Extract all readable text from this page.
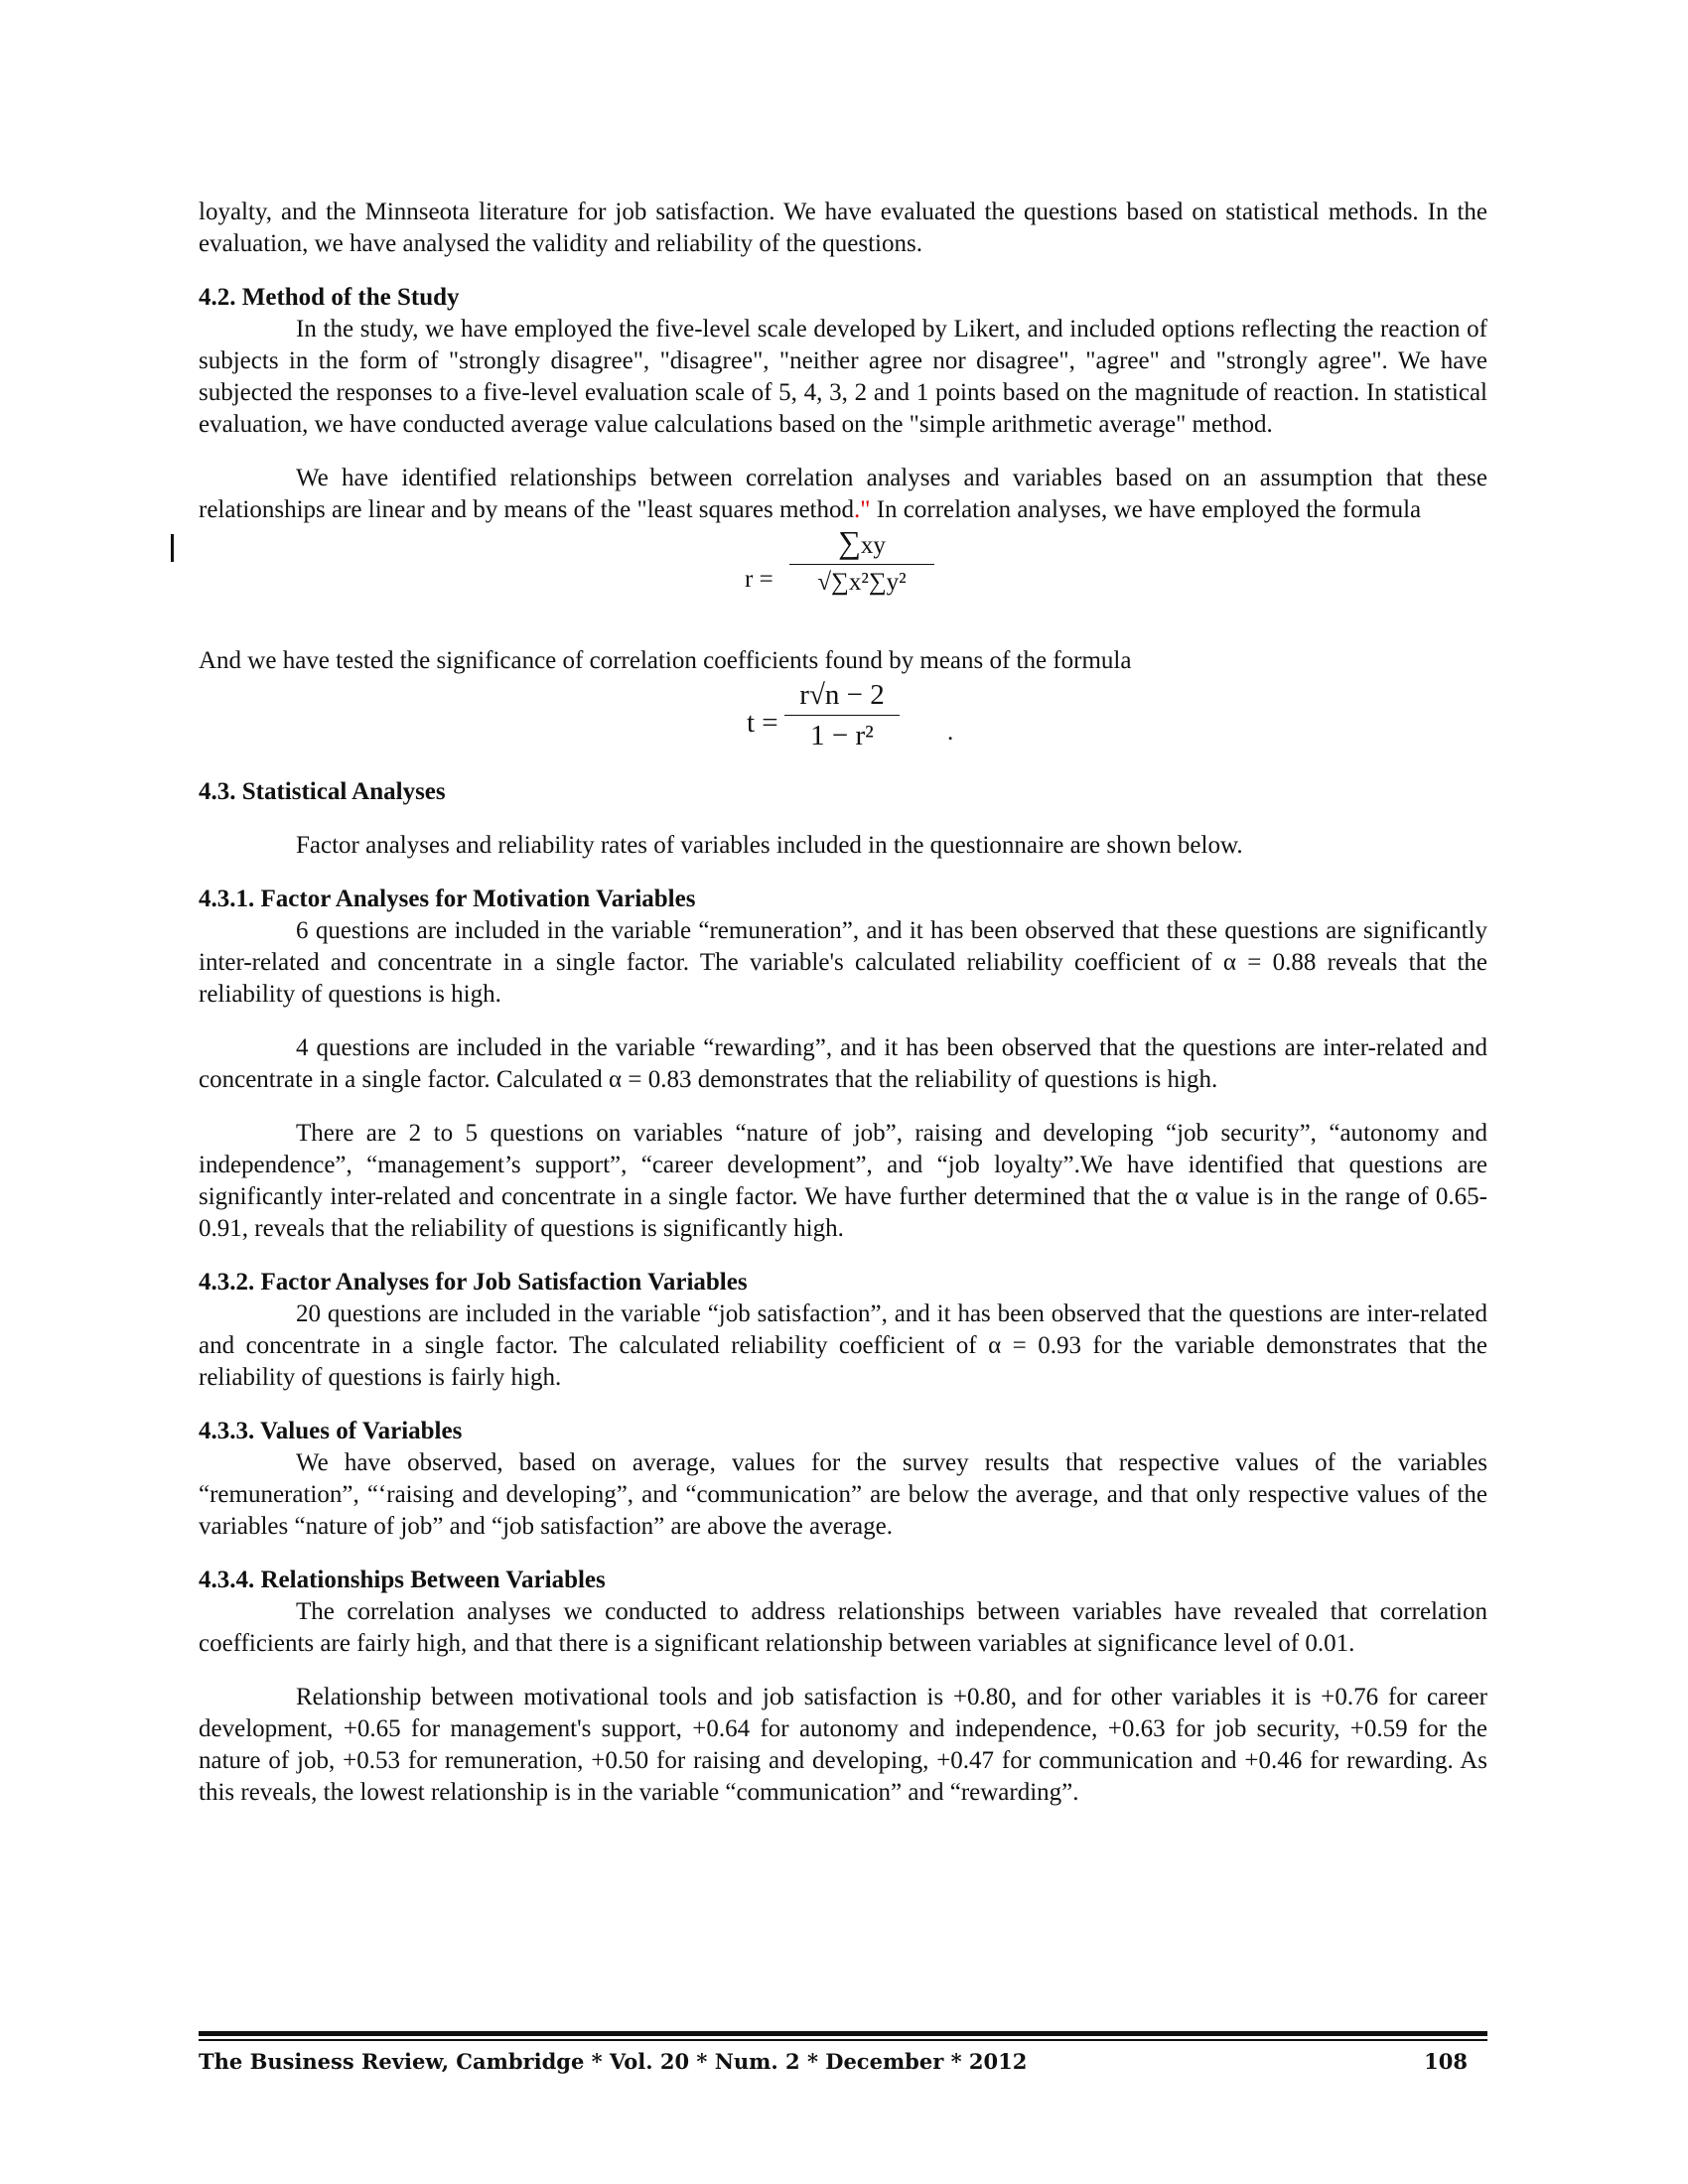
loyalty, and the Minnseota literature for job satisfaction. We have evaluated the questions based on statistical methods. In the evaluation, we have analysed the validity and reliability of the questions.

4.2. Method of the Study

In the study, we have employed the five-level scale developed by Likert, and included options reflecting the reaction of subjects in the form of "strongly disagree", "disagree", "neither agree nor disagree", "agree" and "strongly agree". We have subjected the responses to a five-level evaluation scale of 5, 4, 3, 2 and 1 points based on the magnitude of reaction. In statistical evaluation, we have conducted average value calculations based on the "simple arithmetic average" method.

We have identified relationships between correlation analyses and variables based on an assumption that these relationships are linear and by means of the "least squares method." In correlation analyses, we have employed the formula

r =
∑xy
√∑x²∑y²

And we have tested the significance of correlation coefficients found by means of the formula

t =
r√n − 2
1 − r²	.
4.3. Statistical Analyses

Factor analyses and reliability rates of variables included in the questionnaire are shown below.

4.3.1. Factor Analyses for Motivation Variables

6 questions are included in the variable “remuneration”, and it has been observed that these questions are significantly inter-related and concentrate in a single factor. The variable's calculated reliability coefficient of α = 0.88 reveals that the reliability of questions is high.

4 questions are included in the variable “rewarding”, and it has been observed that the questions are inter-related and concentrate in a single factor. Calculated α = 0.83 demonstrates that the reliability of questions is high.

There are 2 to 5 questions on variables “nature of job”, raising and developing “job security”, “autonomy and independence”, “management’s support”, “career development”, and “job loyalty”.We have identified that questions are significantly inter-related and concentrate in a single factor. We have further determined that the α value is in the range of 0.65-0.91, reveals that the reliability of questions is significantly high.

4.3.2. Factor Analyses for Job Satisfaction Variables

20 questions are included in the variable “job satisfaction”, and it has been observed that the questions are inter-related and concentrate in a single factor. The calculated reliability coefficient of α = 0.93 for the variable demonstrates that the reliability of questions is fairly high.

4.3.3. Values of Variables

We have observed, based on average, values for the survey results that respective values of the variables “remuneration”, “‘raising and developing”, and “communication” are below the average, and that only respective values of the variables “nature of job” and “job satisfaction” are above the average.

4.3.4. Relationships Between Variables

The correlation analyses we conducted to address relationships between variables have revealed that correlation coefficients are fairly high, and that there is a significant relationship between variables at significance level of 0.01.

Relationship between motivational tools and job satisfaction is +0.80, and for other variables it is +0.76 for career development, +0.65 for management's support, +0.64 for autonomy and independence, +0.63 for job security, +0.59 for the nature of job, +0.53 for remuneration, +0.50 for raising and developing, +0.47 for communication and +0.46 for rewarding. As this reveals, the lowest relationship is in the variable “communication” and “rewarding”.

The Business Review, Cambridge * Vol. 20 * Num. 2 * December * 2012	108
